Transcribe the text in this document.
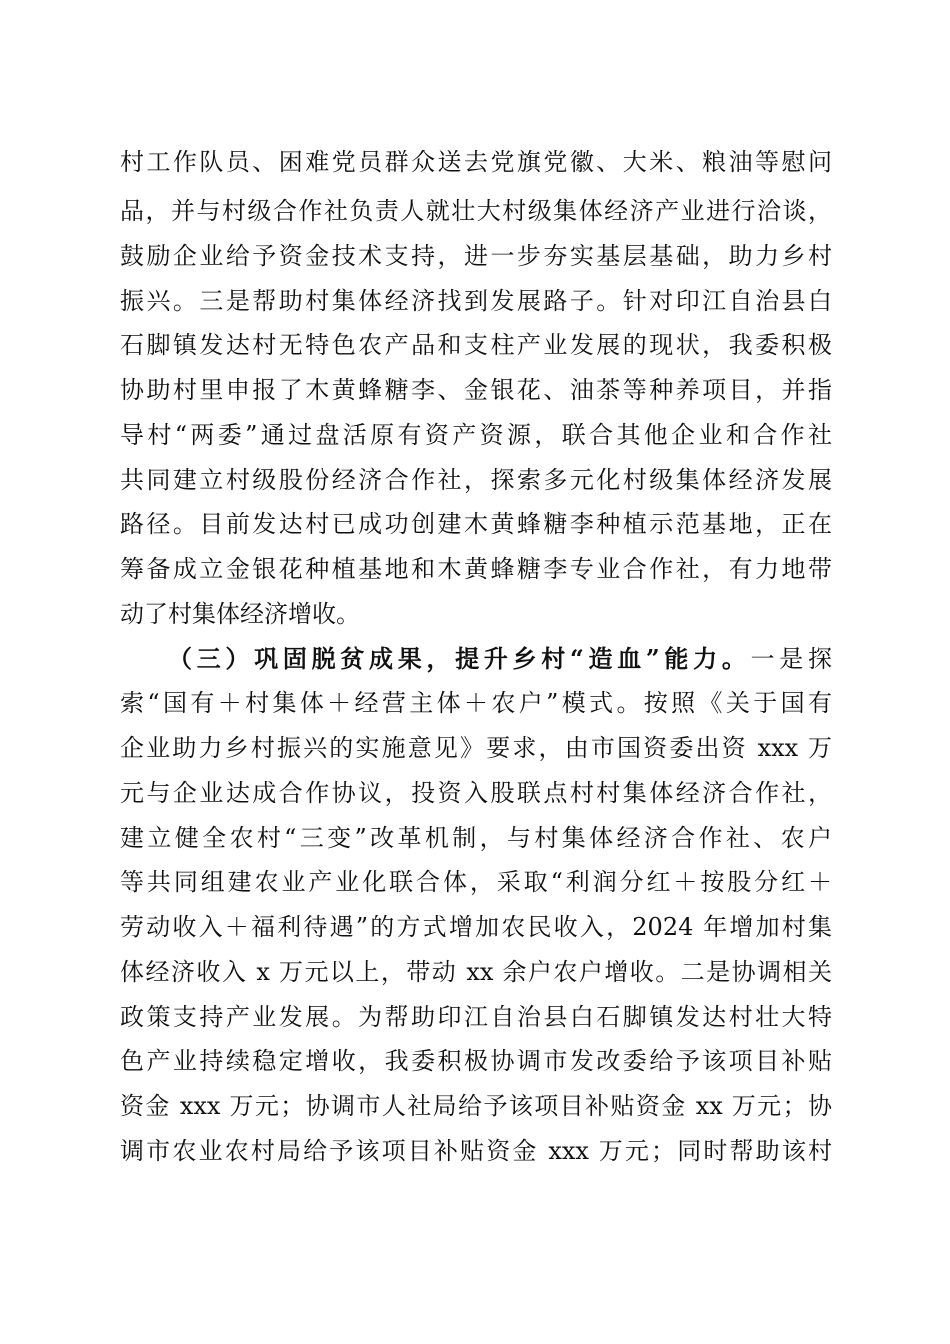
村工作队员、困难党员群众送去党旗党徽、大米、粮油等慰问
品，并与村级合作社负责人就壮大村级集体经济产业进行洽谈，
鼓励企业给予资金技术支持，进一步夯实基层基础，助力乡村
振兴。三是帮助村集体经济找到发展路子。针对印江自治县白
石脚镇发达村无特色农产品和支柱产业发展的现状，我委积极
协助村里申报了木黄蜂糖李、金银花、油茶等种养项目，并指
导村“两委”通过盘活原有资产资源，联合其他企业和合作社
共同建立村级股份经济合作社，探索多元化村级集体经济发展
路径。目前发达村已成功创建木黄蜂糖李种植示范基地，正在
筹备成立金银花种植基地和木黄蜂糖李专业合作社，有力地带
动了村集体经济增收。
（三）巩固脱贫成果，提升乡村“造血”能力。一是探
索“国有＋村集体＋经营主体＋农户”模式。按照《关于国有
企业助力乡村振兴的实施意见》要求，由市国资委出资 xxx 万
元与企业达成合作协议，投资入股联点村村集体经济合作社，
建立健全农村“三变”改革机制，与村集体经济合作社、农户
等共同组建农业产业化联合体，采取“利润分红＋按股分红＋
劳动收入＋福利待遇”的方式增加农民收入，2024 年增加村集
体经济收入 x 万元以上，带动 xx 余户农户增收。二是协调相关
政策支持产业发展。为帮助印江自治县白石脚镇发达村壮大特
色产业持续稳定增收，我委积极协调市发改委给予该项目补贴
资金 xxx 万元；协调市人社局给予该项目补贴资金 xx 万元；协
调市农业农村局给予该项目补贴资金 xxx 万元；同时帮助该村
